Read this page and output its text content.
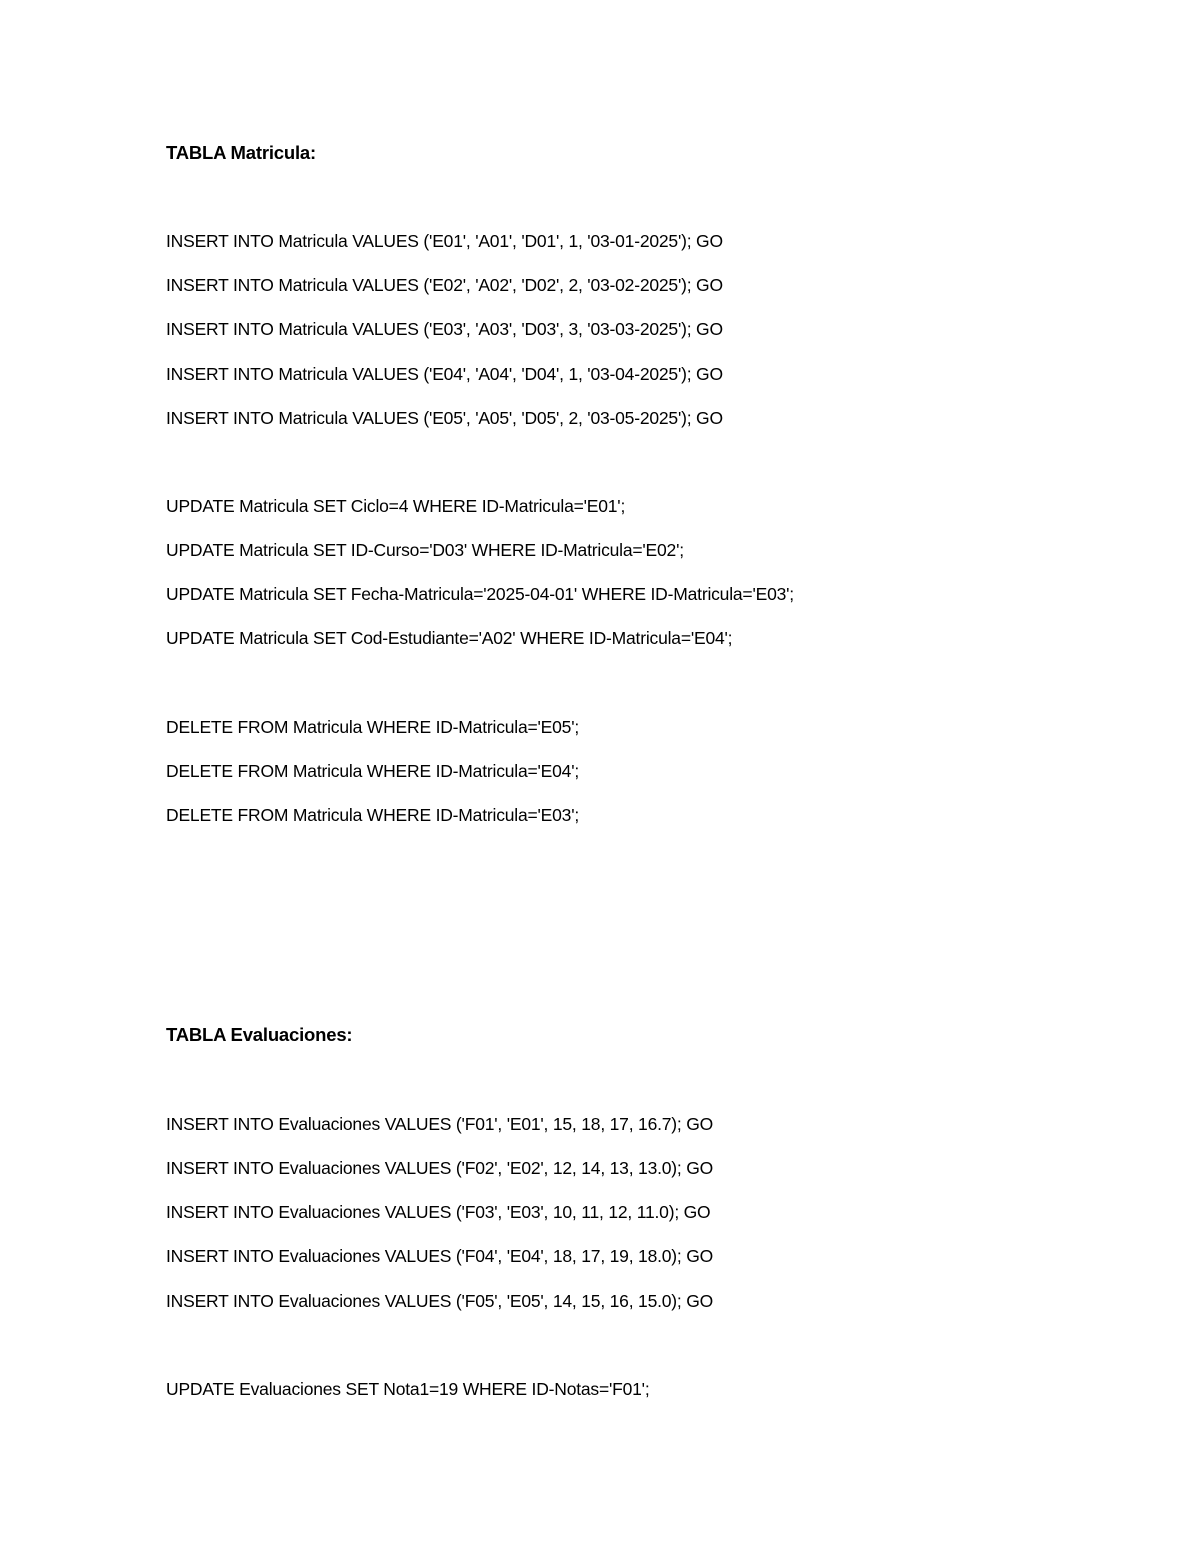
TABLA Matricula:
INSERT INTO Matricula VALUES ('E01', 'A01', 'D01', 1, '03-01-2025'); GO
INSERT INTO Matricula VALUES ('E02', 'A02', 'D02', 2, '03-02-2025'); GO
INSERT INTO Matricula VALUES ('E03', 'A03', 'D03', 3, '03-03-2025'); GO
INSERT INTO Matricula VALUES ('E04', 'A04', 'D04', 1, '03-04-2025'); GO
INSERT INTO Matricula VALUES ('E05', 'A05', 'D05', 2, '03-05-2025'); GO
UPDATE Matricula SET Ciclo=4 WHERE ID-Matricula='E01';
UPDATE Matricula SET ID-Curso='D03' WHERE ID-Matricula='E02';
UPDATE Matricula SET Fecha-Matricula='2025-04-01' WHERE ID-Matricula='E03';
UPDATE Matricula SET Cod-Estudiante='A02' WHERE ID-Matricula='E04';
DELETE FROM Matricula WHERE ID-Matricula='E05';
DELETE FROM Matricula WHERE ID-Matricula='E04';
DELETE FROM Matricula WHERE ID-Matricula='E03';
TABLA Evaluaciones:
INSERT INTO Evaluaciones VALUES ('F01', 'E01', 15, 18, 17, 16.7); GO
INSERT INTO Evaluaciones VALUES ('F02', 'E02', 12, 14, 13, 13.0); GO
INSERT INTO Evaluaciones VALUES ('F03', 'E03', 10, 11, 12, 11.0); GO
INSERT INTO Evaluaciones VALUES ('F04', 'E04', 18, 17, 19, 18.0); GO
INSERT INTO Evaluaciones VALUES ('F05', 'E05', 14, 15, 16, 15.0); GO
UPDATE Evaluaciones SET Nota1=19 WHERE ID-Notas='F01';
